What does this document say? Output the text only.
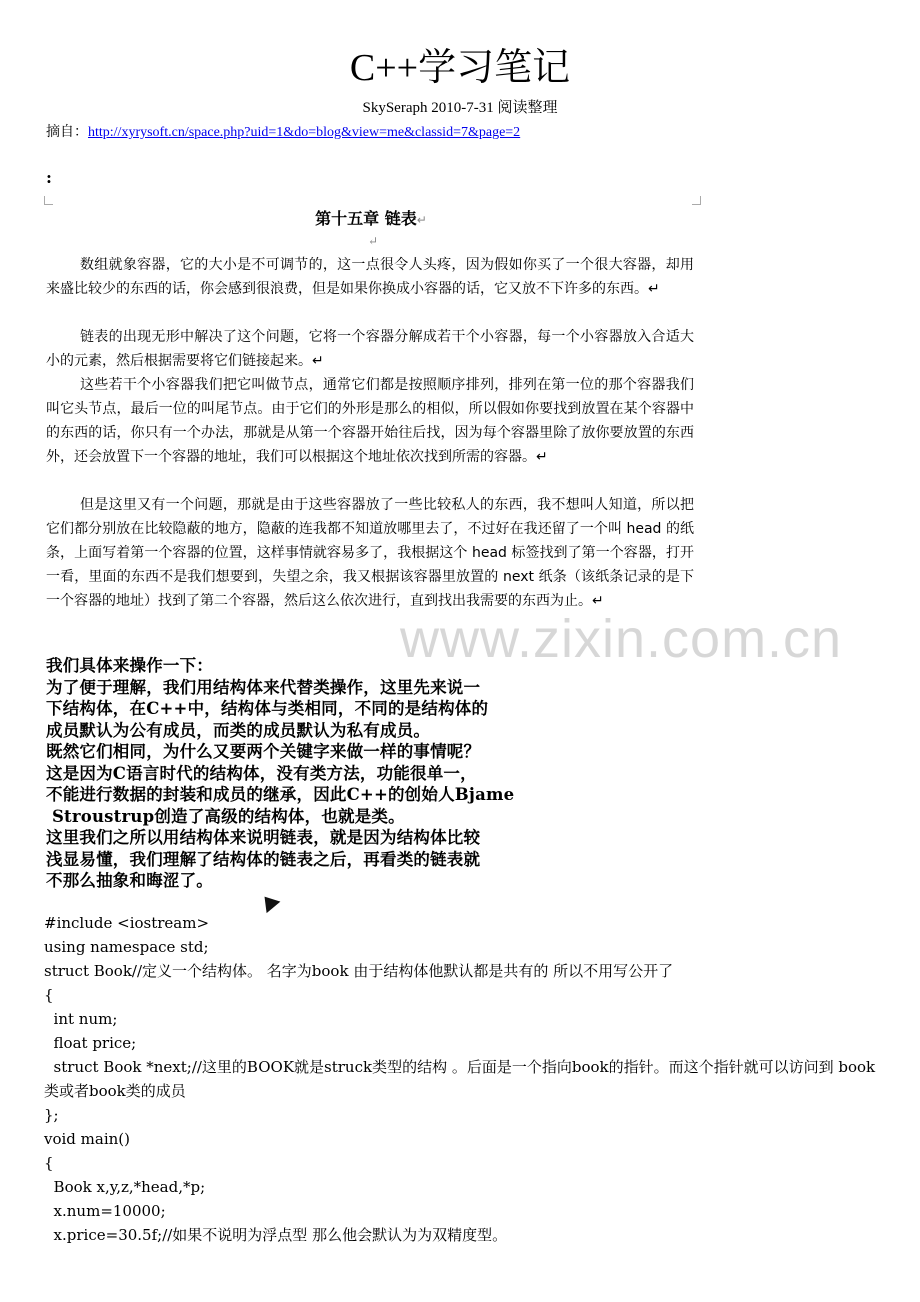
C++学习笔记
SkySeraph 2010-7-31 阅读整理
摘自：http://xyrysoft.cn/space.php?uid=1&do=blog&view=me&classid=7&page=2
:
第十五章 链表↵
↵

数组就象容器，它的大小是不可调节的，这一点很令人头疼，因为假如你买了一个很大容器，却用来盛比较少的东西的话，你会感到很浪费，但是如果你换成小容器的话，它又放不下许多的东西。↵

链表的出现无形中解决了这个问题，它将一个容器分解成若干个小容器，每一个小容器放入合适大小的元素，然后根据需要将它们链接起来。↵

这些若干个小容器我们把它叫做节点，通常它们都是按照顺序排列，排列在第一位的那个容器我们叫它头节点，最后一位的叫尾节点。由于它们的外形是那么的相似，所以假如你要找到放置在某个容器中的东西的话，你只有一个办法，那就是从第一个容器开始往后找，因为每个容器里除了放你要放置的东西外，还会放置下一个容器的地址，我们可以根据这个地址依次找到所需的容器。↵

但是这里又有一个问题，那就是由于这些容器放了一些比较私人的东西，我不想叫人知道，所以把它们都分别放在比较隐蔽的地方，隐蔽的连我都不知道放哪里去了，不过好在我还留了一个叫 head 的纸条，上面写着第一个容器的位置，这样事情就容易多了，我根据这个 head 标签找到了第一个容器，打开一看，里面的东西不是我们想要到，失望之余，我又根据该容器里放置的 next 纸条（该纸条记录的是下一个容器的地址）找到了第二个容器，然后这么依次进行，直到找出我需要的东西为止。↵

www.zixin.com.cn

我们具体来操作一下：

为了便于理解，我们用结构体来代替类操作，这里先来说一

下结构体，在C++中，结构体与类相同，不同的是结构体的

成员默认为公有成员，而类的成员默认为私有成员。

既然它们相同，为什么又要两个关键字来做一样的事情呢？

这是因为C语言时代的结构体，没有类方法，功能很单一，

不能进行数据的封装和成员的继承，因此C++的创始人Bjame

Stroustrup创造了高级的结构体，也就是类。

这里我们之所以用结构体来说明链表，就是因为结构体比较

浅显易懂，我们理解了结构体的链表之后，再看类的链表就

不那么抽象和晦涩了。

#include <iostream>
using namespace std;
struct Book//定义一个结构体。 名字为book 由于结构体他默认都是共有的 所以不用写公开了
{
int num;
float price;
struct Book *next;//这里的BOOK就是struck类型的结构 。后面是一个指向book的指针。而这个指针就可以访问到 book类或者book类的成员
};
void main()
{
Book x,y,z,*head,*p;
x.num=10000;
x.price=30.5f;//如果不说明为浮点型 那么他会默认为为双精度型。
